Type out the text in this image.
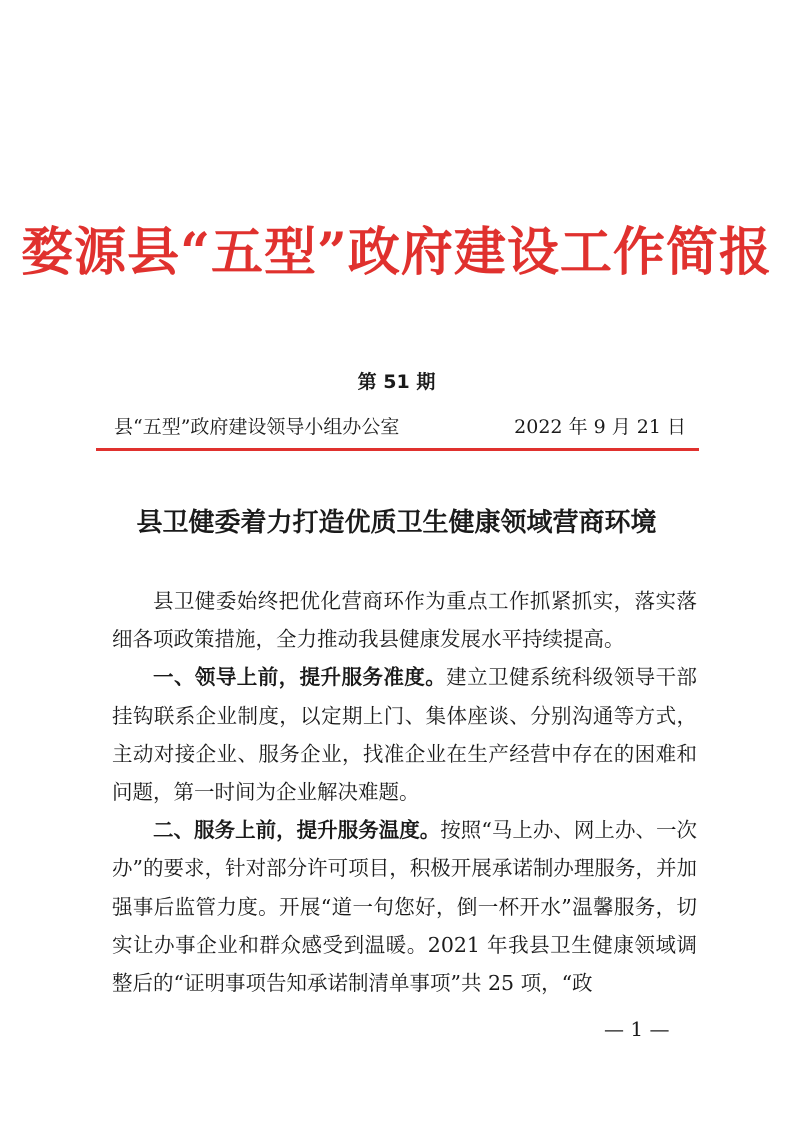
婺源县“五型”政府建设工作简报
第 51 期
县“五型”政府建设领导小组办公室	2022 年 9 月 21 日
县卫健委着力打造优质卫生健康领域营商环境

县卫健委始终把优化营商环作为重点工作抓紧抓实，落实落细各项政策措施，全力推动我县健康发展水平持续提高。

一、领导上前，提升服务准度。建立卫健系统科级领导干部挂钩联系企业制度，以定期上门、集体座谈、分别沟通等方式，主动对接企业、服务企业，找准企业在生产经营中存在的困难和问题，第一时间为企业解决难题。

二、服务上前，提升服务温度。按照“马上办、网上办、一次办”的要求，针对部分许可项目，积极开展承诺制办理服务，并加强事后监管力度。开展“道一句您好，倒一杯开水”温馨服务，切实让办事企业和群众感受到温暖。2021 年我县卫生健康领域调整后的“证明事项告知承诺制清单事项”共 25 项，“政

— 1 —
